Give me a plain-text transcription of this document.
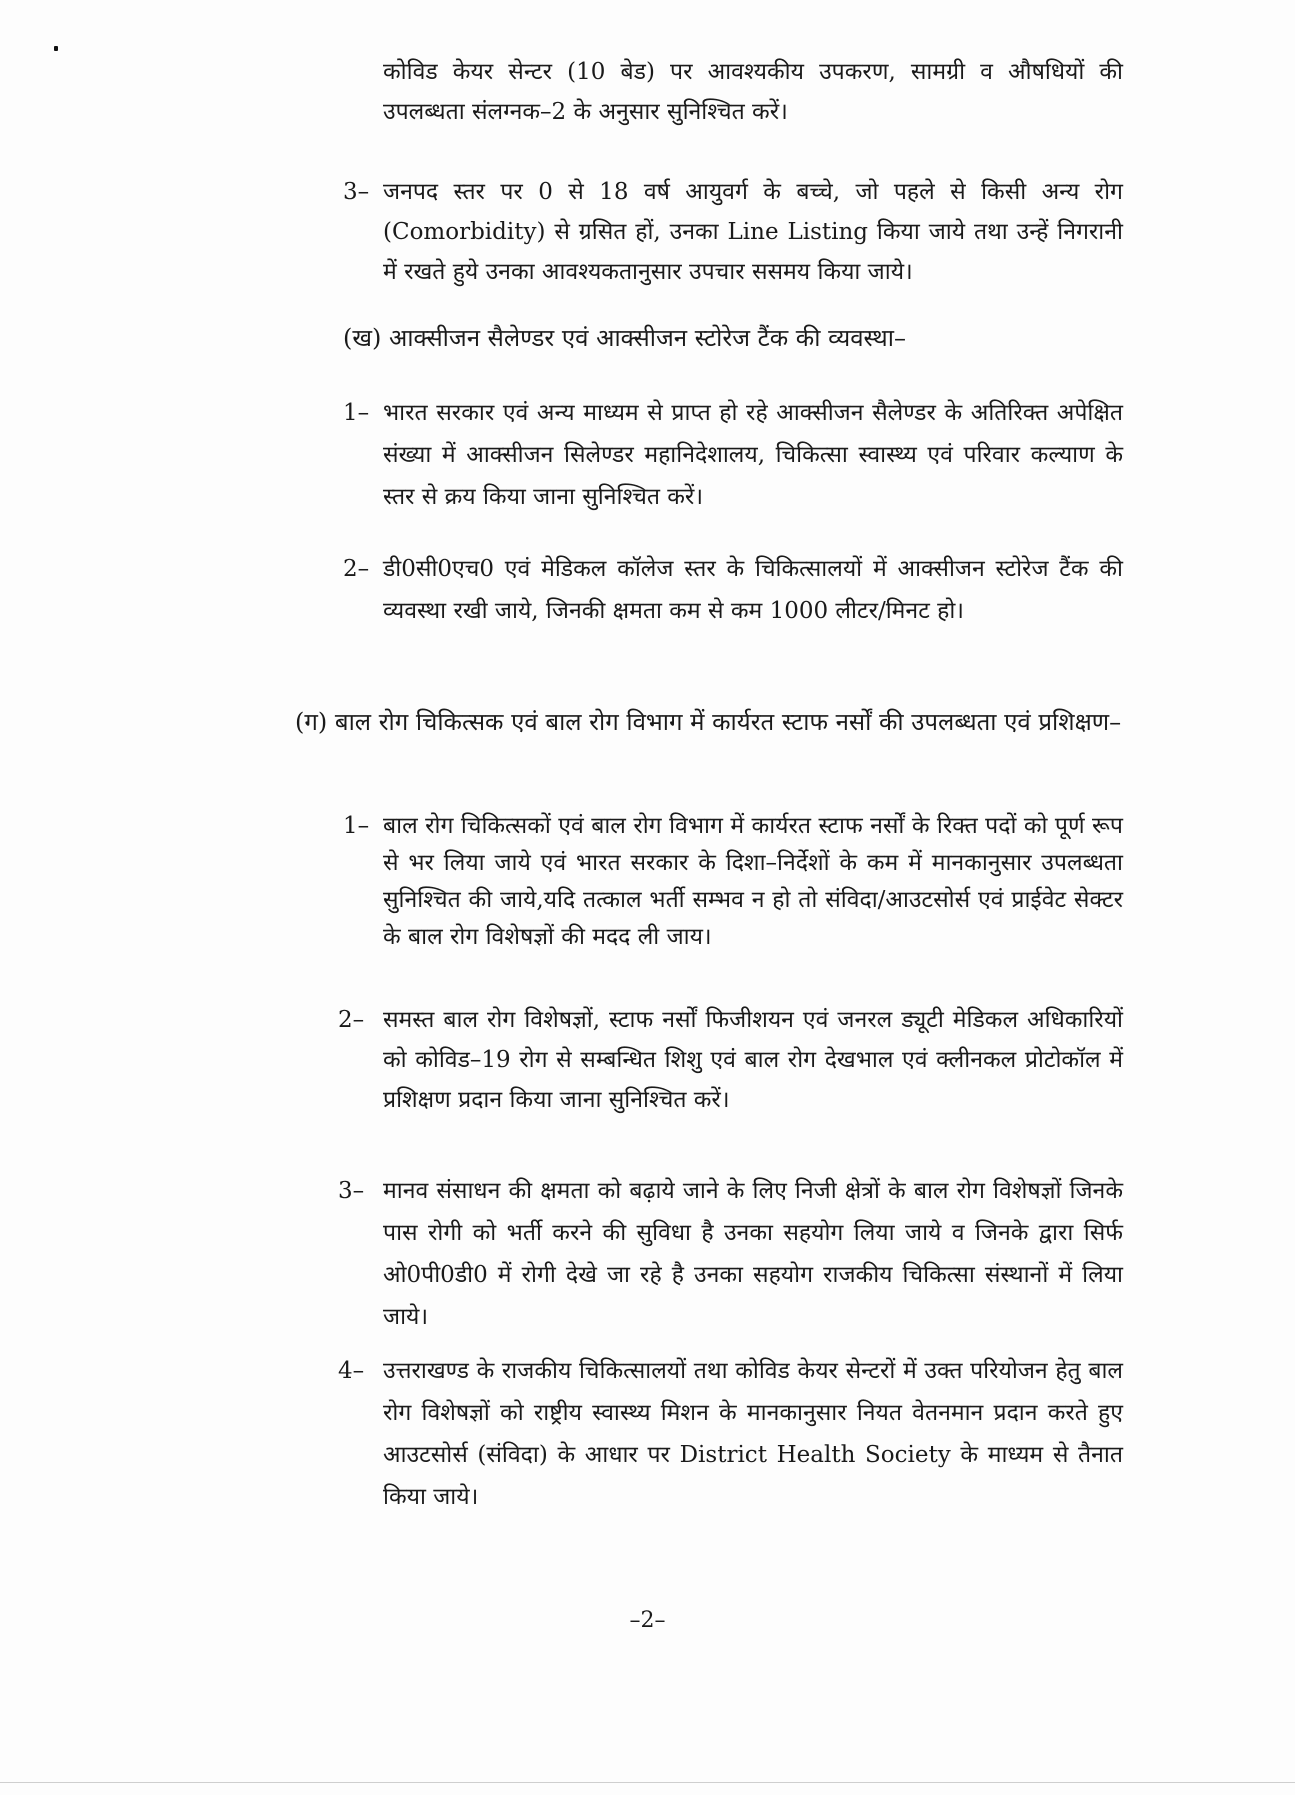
कोविड केयर सेन्टर (10 बेड) पर आवश्यकीय उपकरण, सामग्री व औषधियों की उपलब्धता संलग्नक–2 के अनुसार सुनिश्चित करें।
3– जनपद स्तर पर 0 से 18 वर्ष आयुवर्ग के बच्चे, जो पहले से किसी अन्य रोग (Comorbidity) से ग्रसित हों, उनका Line Listing किया जाये तथा उन्हें निगरानी में रखते हुये उनका आवश्यकतानुसार उपचार ससमय किया जाये।
(ख) आक्सीजन सैलेण्डर एवं आक्सीजन स्टोरेज टैंक की व्यवस्था–
1– भारत सरकार एवं अन्य माध्यम से प्राप्त हो रहे आक्सीजन सैलेण्डर के अतिरिक्त अपेक्षित संख्या में आक्सीजन सिलेण्डर महानिदेशालय, चिकित्सा स्वास्थ्य एवं परिवार कल्याण के स्तर से क्रय किया जाना सुनिश्चित करें।
2– डी0सी0एच0 एवं मेडिकल कॉलेज स्तर के चिकित्सालयों में आक्सीजन स्टोरेज टैंक की व्यवस्था रखी जाये, जिनकी क्षमता कम से कम 1000 लीटर/मिनट हो।
(ग) बाल रोग चिकित्सक एवं बाल रोग विभाग में कार्यरत स्टाफ नर्सों की उपलब्धता एवं प्रशिक्षण–
1– बाल रोग चिकित्सकों एवं बाल रोग विभाग में कार्यरत स्टाफ नर्सों के रिक्त पदों को पूर्ण रूप से भर लिया जाये एवं भारत सरकार के दिशा–निर्देशों के कम में मानकानुसार उपलब्धता सुनिश्चित की जाये,यदि तत्काल भर्ती सम्भव न हो तो संविदा/आउटसोर्स एवं प्राईवेट सेक्टर के बाल रोग विशेषज्ञों की मदद ली जाय।
2– समस्त बाल रोग विशेषज्ञों, स्टाफ नर्सों फिजीशयन एवं जनरल ड्यूटी मेडिकल अधिकारियों को कोविड–19 रोग से सम्बन्धित शिशु एवं बाल रोग देखभाल एवं क्लीनकल प्रोटोकॉल में प्रशिक्षण प्रदान किया जाना सुनिश्चित करें।
3– मानव संसाधन की क्षमता को बढ़ाये जाने के लिए निजी क्षेत्रों के बाल रोग विशेषज्ञों जिनके पास रोगी को भर्ती करने की सुविधा है उनका सहयोग लिया जाये व जिनके द्वारा सिर्फ ओ0पी0डी0 में रोगी देखे जा रहे है उनका सहयोग राजकीय चिकित्सा संस्थानों में लिया जाये।
4– उत्तराखण्ड के राजकीय चिकित्सालयों तथा कोविड केयर सेन्टरों में उक्त परियोजन हेतु बाल रोग विशेषज्ञों को राष्ट्रीय स्वास्थ्य मिशन के मानकानुसार नियत वेतनमान प्रदान करते हुए आउटसोर्स (संविदा) के आधार पर District Health Society के माध्यम से तैनात किया जाये।
–2–
